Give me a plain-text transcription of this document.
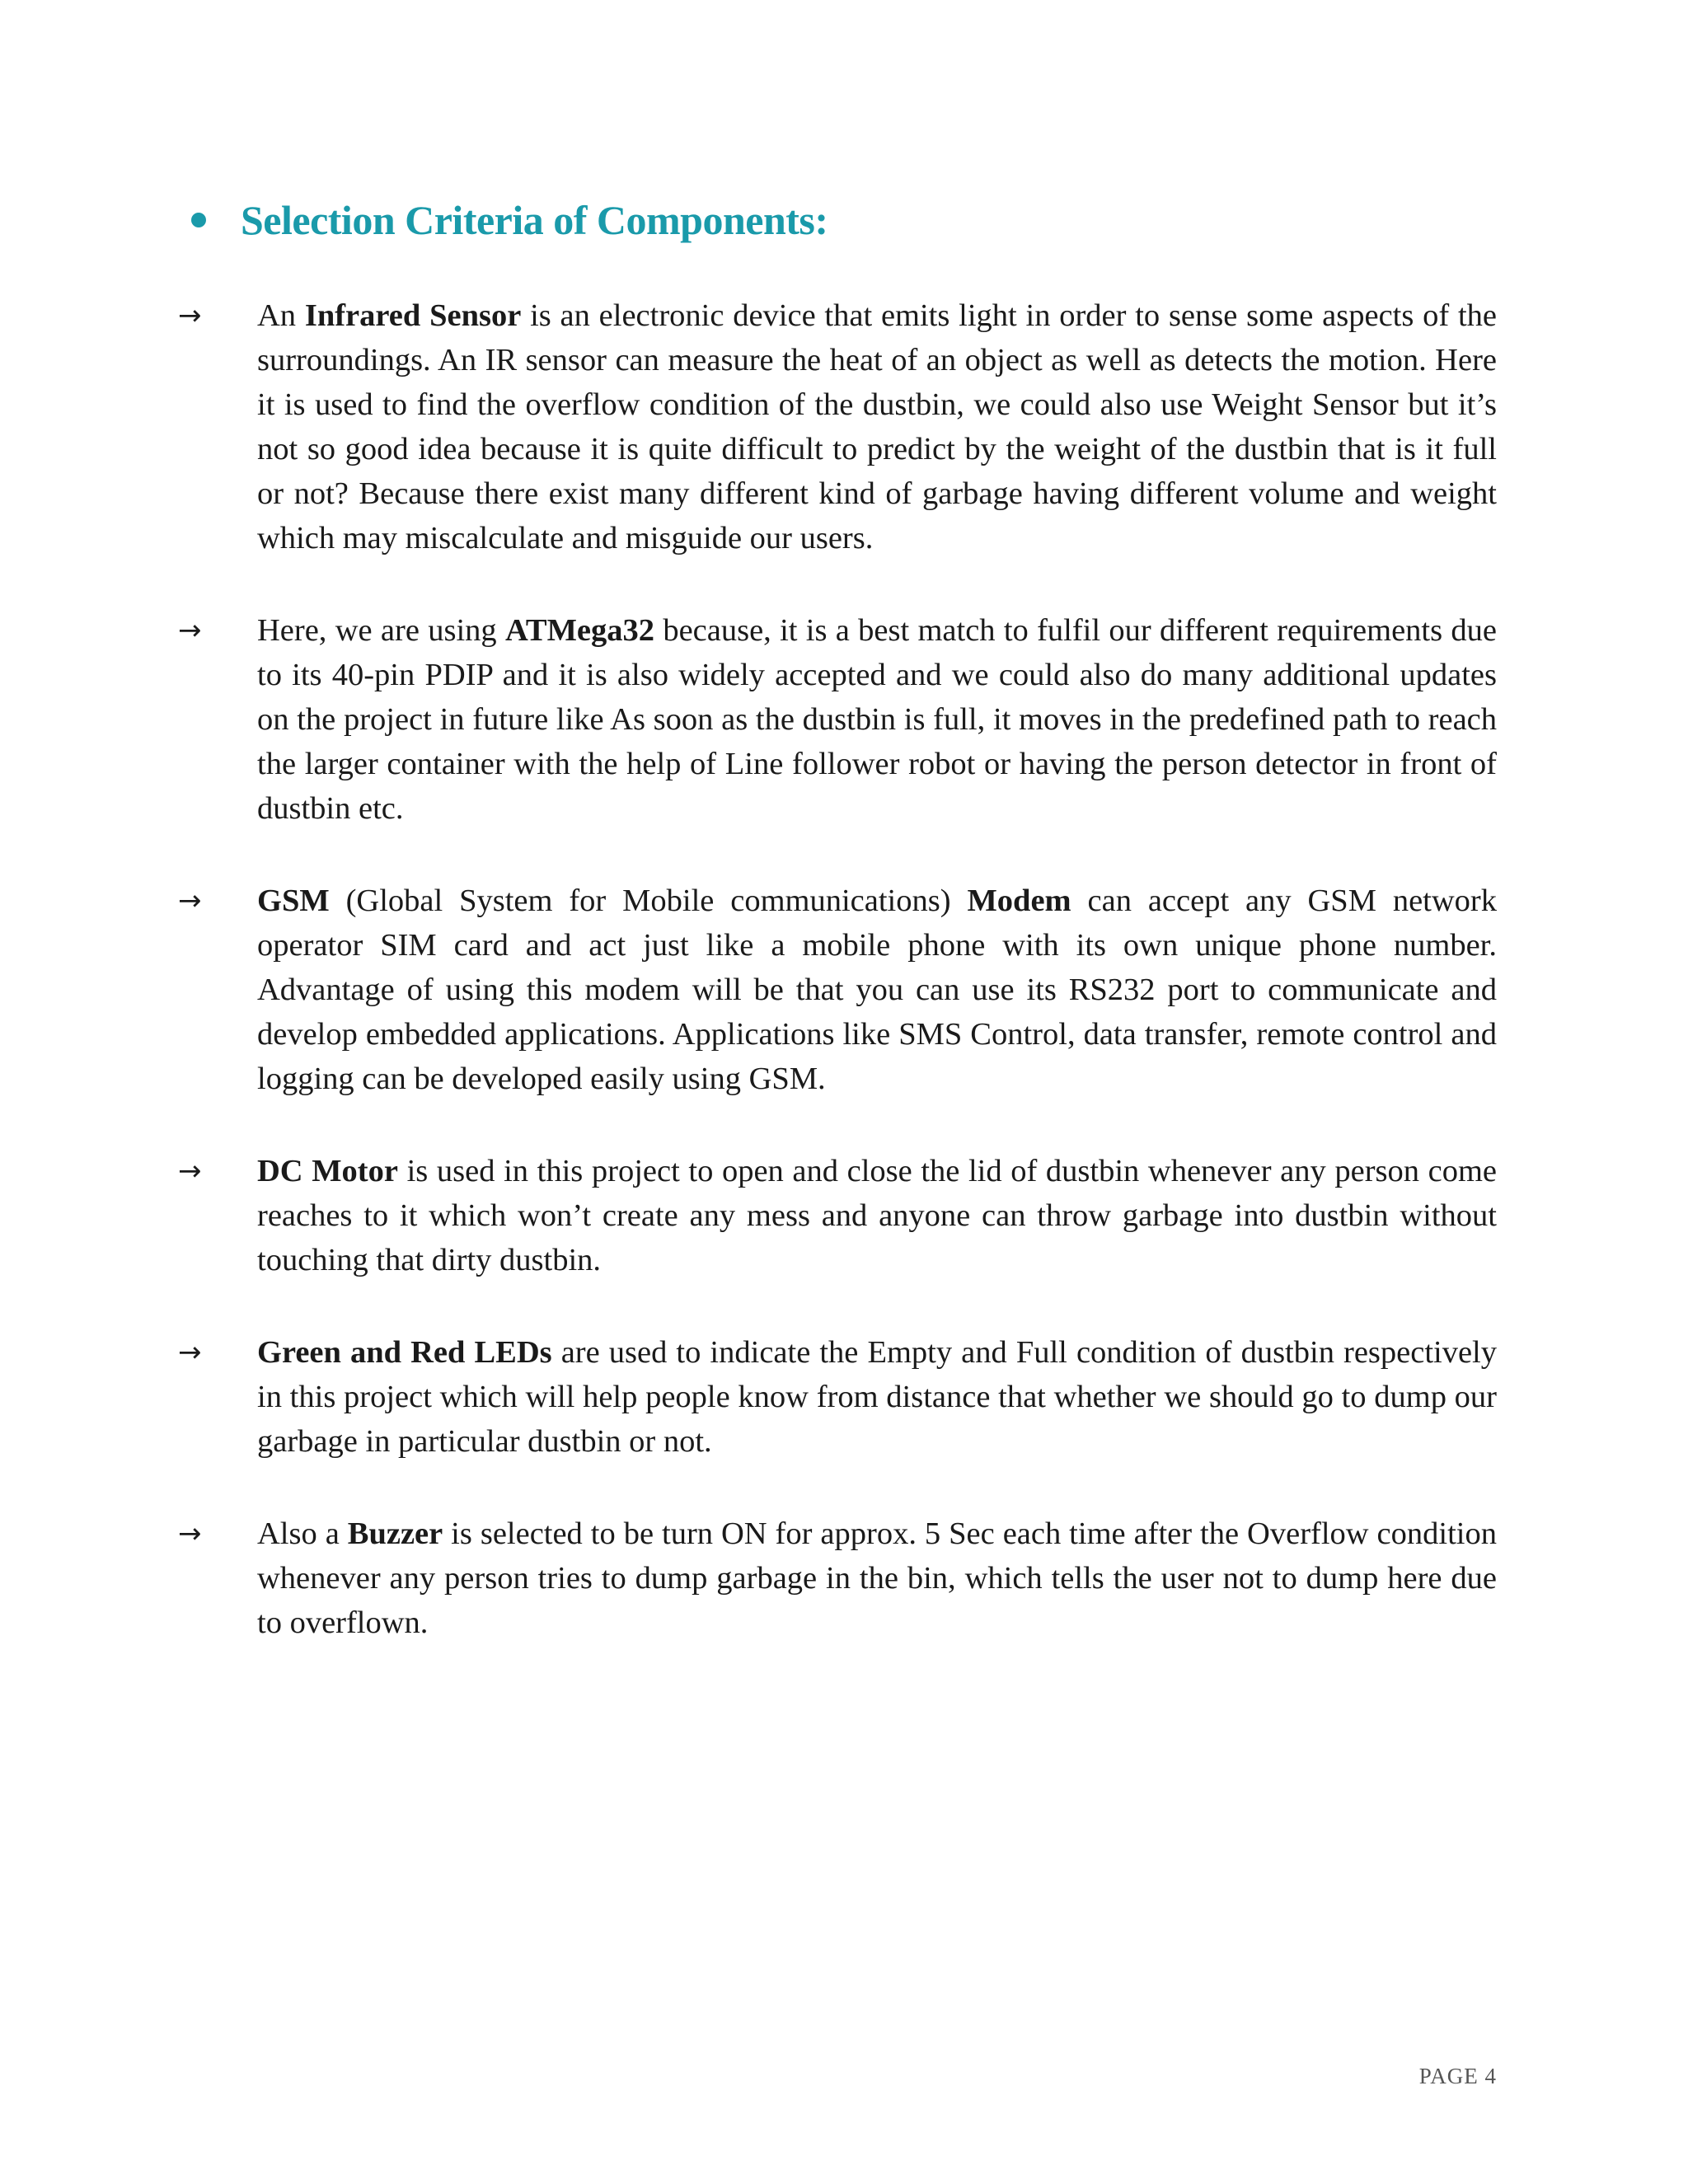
Selection Criteria of Components:
→ An Infrared Sensor is an electronic device that emits light in order to sense some aspects of the surroundings. An IR sensor can measure the heat of an object as well as detects the motion. Here it is used to find the overflow condition of the dustbin, we could also use Weight Sensor but it’s not so good idea because it is quite difficult to predict by the weight of the dustbin that is it full or not? Because there exist many different kind of garbage having different volume and weight which may miscalculate and misguide our users.
→ Here, we are using ATMega32 because, it is a best match to fulfil our different requirements due to its 40-pin PDIP and it is also widely accepted and we could also do many additional updates on the project in future like As soon as the dustbin is full, it moves in the predefined path to reach the larger container with the help of Line follower robot or having the person detector in front of dustbin etc.
→ GSM (Global System for Mobile communications) Modem can accept any GSM network operator SIM card and act just like a mobile phone with its own unique phone number. Advantage of using this modem will be that you can use its RS232 port to communicate and develop embedded applications. Applications like SMS Control, data transfer, remote control and logging can be developed easily using GSM.
→ DC Motor is used in this project to open and close the lid of dustbin whenever any person come reaches to it which won’t create any mess and anyone can throw garbage into dustbin without touching that dirty dustbin.
→ Green and Red LEDs are used to indicate the Empty and Full condition of dustbin respectively in this project which will help people know from distance that whether we should go to dump our garbage in particular dustbin or not.
→ Also a Buzzer is selected to be turn ON for approx. 5 Sec each time after the Overflow condition whenever any person tries to dump garbage in the bin, which tells the user not to dump here due to overflown.
PAGE 4
